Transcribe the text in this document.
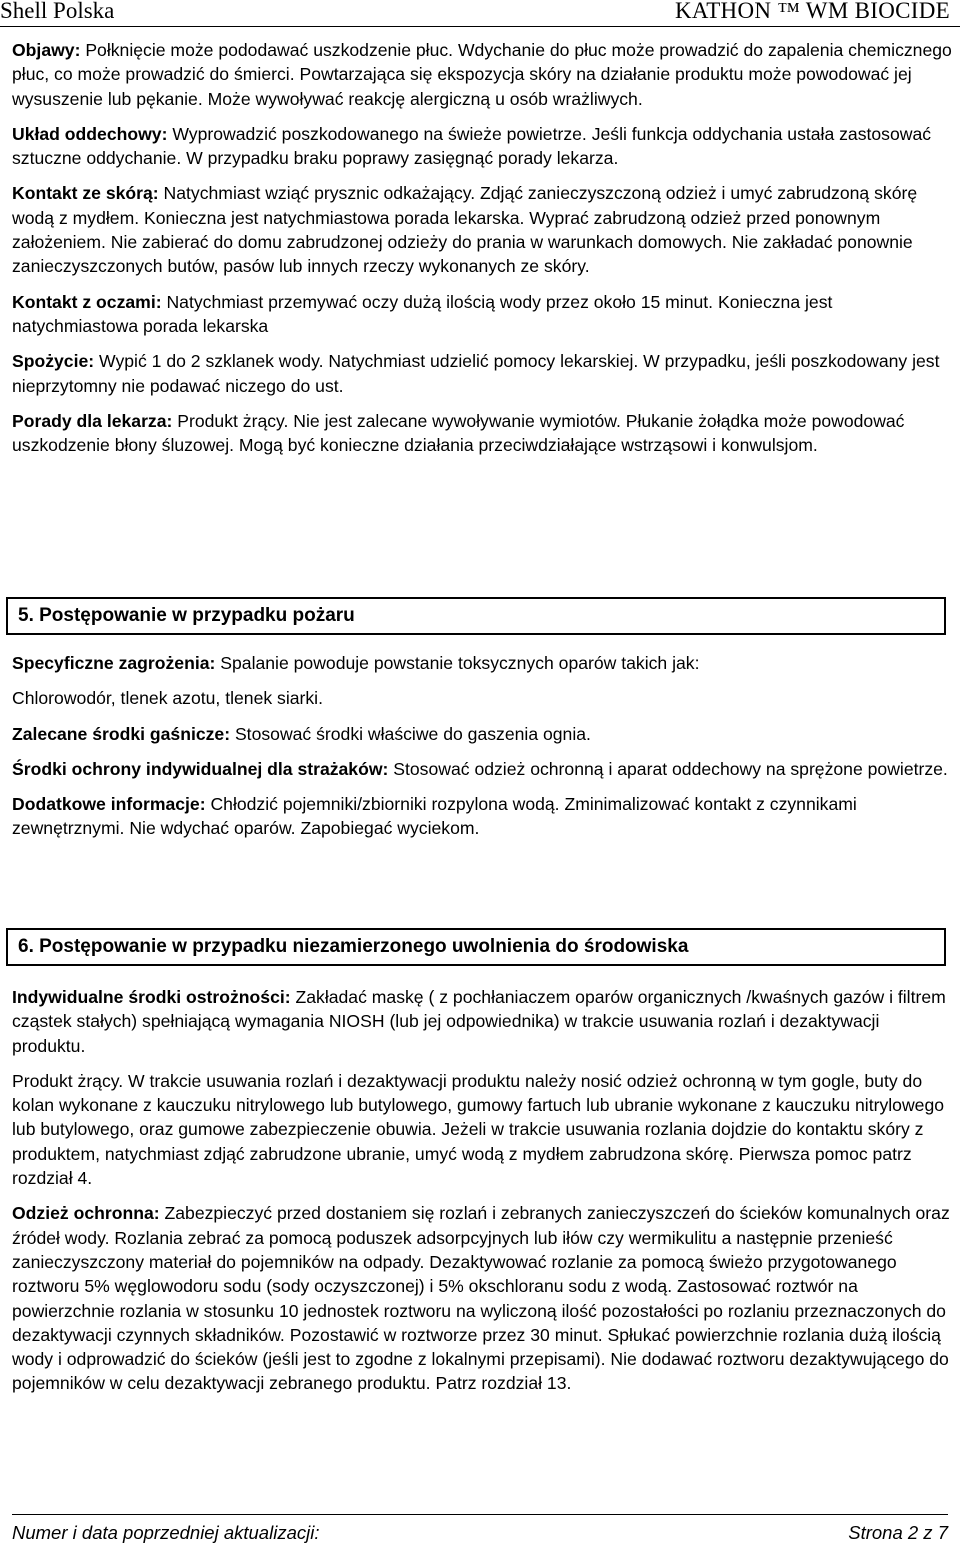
Shell Polska	KATHON ™ WM BIOCIDE

Objawy: Połknięcie może pododawać uszkodzenie płuc. Wdychanie do płuc może prowadzić do zapalenia chemicznego płuc, co może prowadzić do śmierci. Powtarzająca się ekspozycja skóry na działanie produktu może powodować jej wysuszenie lub pękanie. Może wywoływać reakcję alergiczną u osób wrażliwych.

Układ oddechowy: Wyprowadzić poszkodowanego na świeże powietrze. Jeśli funkcja oddychania ustała zastosować sztuczne oddychanie. W przypadku braku poprawy zasięgnąć porady lekarza.

Kontakt ze skórą: Natychmiast wziąć prysznic odkażający. Zdjąć zanieczyszczoną odzież i umyć zabrudzoną skórę wodą z mydłem. Konieczna jest natychmiastowa porada lekarska. Wyprać zabrudzoną odzież przed ponownym założeniem. Nie zabierać do domu zabrudzonej odzieży do prania w warunkach domowych. Nie zakładać ponownie zanieczyszczonych butów, pasów lub innych rzeczy wykonanych ze skóry.

Kontakt z oczami: Natychmiast przemywać oczy dużą ilością wody przez około 15 minut. Konieczna jest natychmiastowa porada lekarska

Spożycie: Wypić 1 do 2 szklanek wody. Natychmiast udzielić pomocy lekarskiej. W przypadku, jeśli poszkodowany jest nieprzytomny nie podawać niczego do ust.

Porady dla lekarza: Produkt żrący. Nie jest zalecane wywoływanie wymiotów. Płukanie żołądka może powodować uszkodzenie błony śluzowej. Mogą być konieczne działania przeciwdziałające wstrząsowi i konwulsjom.

5. Postępowanie w przypadku pożaru

Specyficzne zagrożenia: Spalanie powoduje powstanie toksycznych oparów takich jak:

Chlorowodór, tlenek azotu, tlenek siarki.

Zalecane środki gaśnicze: Stosować środki właściwe do gaszenia ognia.

Środki ochrony indywidualnej dla strażaków: Stosować odzież ochronną i aparat oddechowy na sprężone powietrze.

Dodatkowe informacje: Chłodzić pojemniki/zbiorniki rozpylona wodą. Zminimalizować kontakt z czynnikami zewnętrznymi. Nie wdychać oparów. Zapobiegać wyciekom.

6. Postępowanie w przypadku niezamierzonego uwolnienia do środowiska

Indywidualne środki ostrożności: Zakładać maskę ( z pochłaniaczem oparów organicznych /kwaśnych gazów i filtrem cząstek stałych) spełniającą wymagania NIOSH (lub jej odpowiednika) w trakcie usuwania rozlań i dezaktywacji produktu.

Produkt żrący. W trakcie usuwania rozlań i dezaktywacji produktu należy nosić odzież ochronną w tym gogle, buty do kolan wykonane z kauczuku nitrylowego lub butylowego, gumowy fartuch lub ubranie wykonane z kauczuku nitrylowego lub butylowego, oraz gumowe zabezpieczenie obuwia. Jeżeli w trakcie usuwania rozlania dojdzie do kontaktu skóry z produktem, natychmiast zdjąć zabrudzone ubranie, umyć wodą z mydłem zabrudzona skórę. Pierwsza pomoc patrz rozdział 4.

Odzież ochronna: Zabezpieczyć przed dostaniem się rozlań i zebranych zanieczyszczeń do ścieków komunalnych oraz źródeł wody. Rozlania zebrać za pomocą poduszek adsorpcyjnych lub iłów czy wermikulitu a następnie przenieść zanieczyszczony materiał do pojemników na odpady. Dezaktywować rozlanie za pomocą świeżo przygotowanego roztworu 5% węglowodoru sodu (sody oczyszczonej) i 5% okschloranu sodu z wodą. Zastosować roztwór na powierzchnie rozlania w stosunku 10 jednostek roztworu na wyliczoną ilość pozostałości po rozlaniu przeznaczonych do dezaktywacji czynnych składników. Pozostawić w roztworze przez 30 minut. Spłukać powierzchnie rozlania dużą ilością wody i odprowadzić do ścieków (jeśli jest to zgodne z lokalnymi przepisami). Nie dodawać roztworu dezaktywującego do pojemników w celu dezaktywacji zebranego produktu. Patrz rozdział 13.

Numer i data poprzedniej aktualizacji:	Strona 2 z 7
